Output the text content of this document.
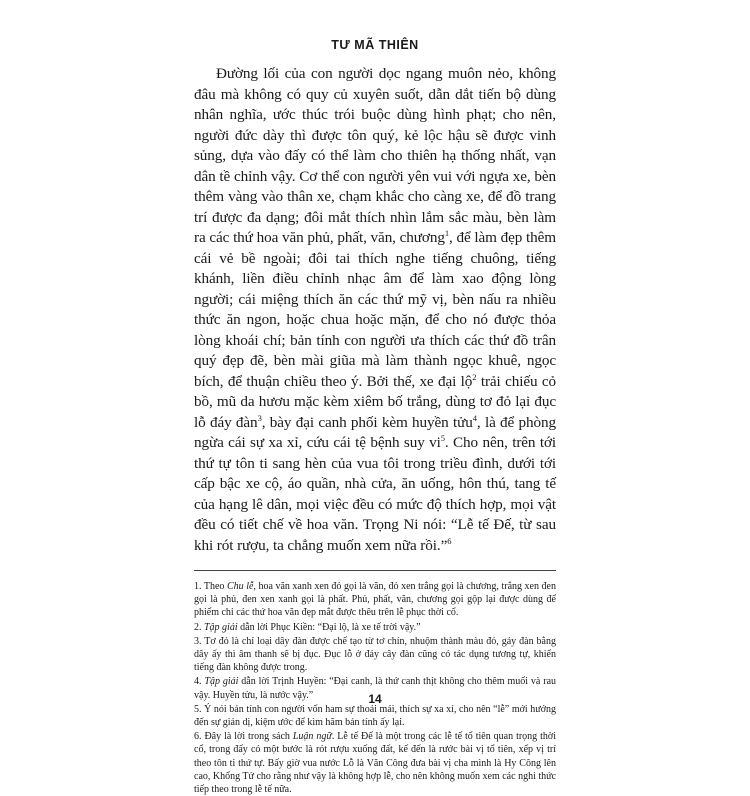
TƯ MÃ THIÊN

Đường lối của con người dọc ngang muôn nẻo, không đâu mà không có quy củ xuyên suốt, dẫn dắt tiến bộ dùng nhân nghĩa, ước thúc trói buộc dùng hình phạt; cho nên, người đức dày thì được tôn quý, kẻ lộc hậu sẽ được vinh sủng, dựa vào đấy có thể làm cho thiên hạ thống nhất, vạn dân tề chỉnh vậy. Cơ thể con người yên vui với ngựa xe, bèn thêm vàng vào thân xe, chạm khắc cho càng xe, để đồ trang trí được đa dạng; đôi mắt thích nhìn lắm sắc màu, bèn làm ra các thứ hoa văn phủ, phất, văn, chương$^1$, để làm đẹp thêm cái vẻ bề ngoài; đôi tai thích nghe tiếng chuông, tiếng khánh, liền điều chỉnh nhạc âm để làm xao động lòng người; cái miệng thích ăn các thứ mỹ vị, bèn nấu ra nhiều thức ăn ngon, hoặc chua hoặc mặn, để cho nó được thỏa lòng khoái chí; bản tính con người ưa thích các thứ đồ trân quý đẹp đẽ, bèn mài giũa mà làm thành ngọc khuê, ngọc bích, để thuận chiều theo ý. Bởi thế, xe đại lộ$^2$ trải chiếu cỏ bồ, mũ da hươu mặc kèm xiêm bố trắng, dùng tơ đỏ lại đục lỗ đáy đàn$^3$, bày đại canh phối kèm huyền tửu$^4$, là để phòng ngừa cái sự xa xỉ, cứu cái tệ bệnh suy $vi^5$. Cho nên, trên tới thứ tự tôn ti sang hèn của vua tôi trong triều đình, dưới tới cấp bậc xe cộ, áo quần, nhà cửa, ăn uống, hôn thú, tang tế của hạng lê dân, mọi việc đều có mức độ thích hợp, mọi vật đều có tiết chế về hoa văn. Trọng Ni nói: “Lễ tế Đế, từ sau khi rót rượu, ta chẳng muốn xem nữa rồi.”$^6$

1. Theo Chu lễ, hoa văn xanh xen đỏ gọi là văn, đỏ xen trắng gọi là chương, trắng xen đen gọi là phủ, đen xen xanh gọi là phất. Phủ, phất, văn, chương gọi gộp lại được dùng để phiếm chỉ các thứ hoa văn đẹp mắt được thêu trên lễ phục thời cổ.

2. Tập giải dẫn lời Phục Kiền: “Đại lộ, là xe tế trời vậy.”

3. Tơ đỏ là chỉ loại dây đàn được chế tạo từ tơ chín, nhuộm thành màu đỏ, gảy đàn bằng dây ấy thì âm thanh sẽ bị đục. Đục lỗ ở đáy cây đàn cũng có tác dụng tương tự, khiến tiếng đàn không được trong.

4. Tập giải dẫn lời Trịnh Huyền: “Đại canh, là thứ canh thịt không cho thêm muối và rau vậy. Huyền tửu, là nước vậy.”

5. Ý nói bản tính con người vốn ham sự thoải mái, thích sự xa xỉ, cho nên “lễ” mới hướng đến sự giản dị, kiệm ước để kìm hãm bản tính ấy lại.

6. Đây là lời trong sách Luận ngữ. Lễ tế Đế là một trong các lễ tế tổ tiên quan trọng thời cổ, trong đấy có một bước là rót rượu xuống đất, kế đến là rước bài vị tổ tiên, xếp vị trí theo tôn ti thứ tự. Bấy giờ vua nước Lỗ là Văn Công đưa bài vị cha mình là Hy Công lên cao, Khổng Tử cho rằng như vậy là không hợp lễ, cho nên không muốn xem các nghi thức tiếp theo trong lễ tế nữa.

14
